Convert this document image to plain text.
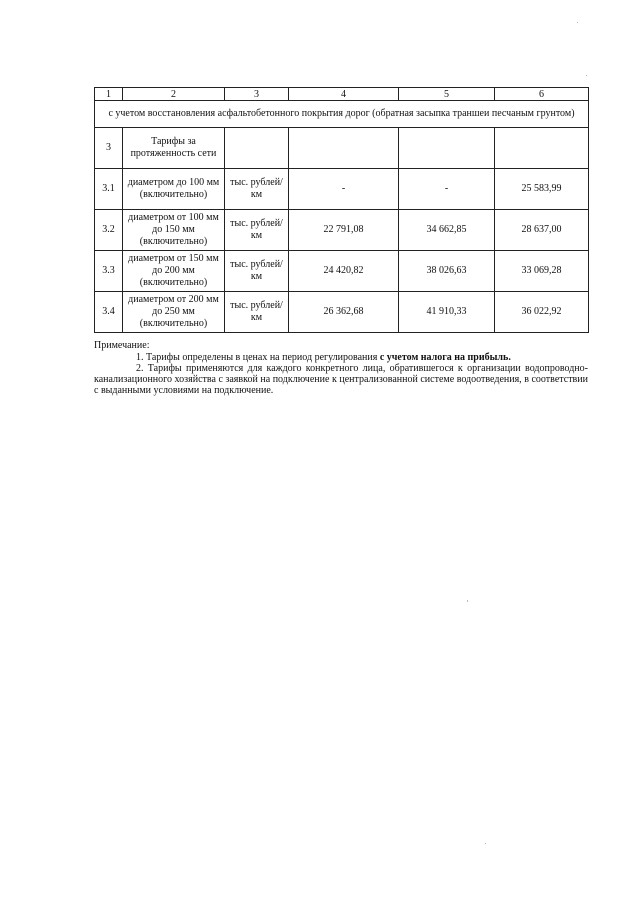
1	2	3	4	5	6
с учетом восстановления асфальтобетонного покрытия дорог (обратная засыпка траншеи песчаным грунтом)					
3	Тарифы за протяженность сети				
3.1	диаметром до 100 мм (включительно)	тыс. рублей/км	-	-	25 583,99
3.2	диаметром от 100 мм до 150 мм (включительно)	тыс. рублей/км	22 791,08	34 662,85	28 637,00
3.3	диаметром от 150 мм до 200 мм (включительно)	тыс. рублей/км	24 420,82	38 026,63	33 069,28
3.4	диаметром от 200 мм до 250 мм (включительно)	тыс. рублей/км	26 362,68	41 910,33	36 022,92

Примечание:

1. Тарифы определены в ценах на период регулирования с учетом налога на прибыль.

2. Тарифы применяются для каждого конкретного лица, обратившегося к организации водопроводно-канализационного хозяйства с заявкой на подключение к централизованной системе водоотведения, в соответствии с выданными условиями на подключение.
